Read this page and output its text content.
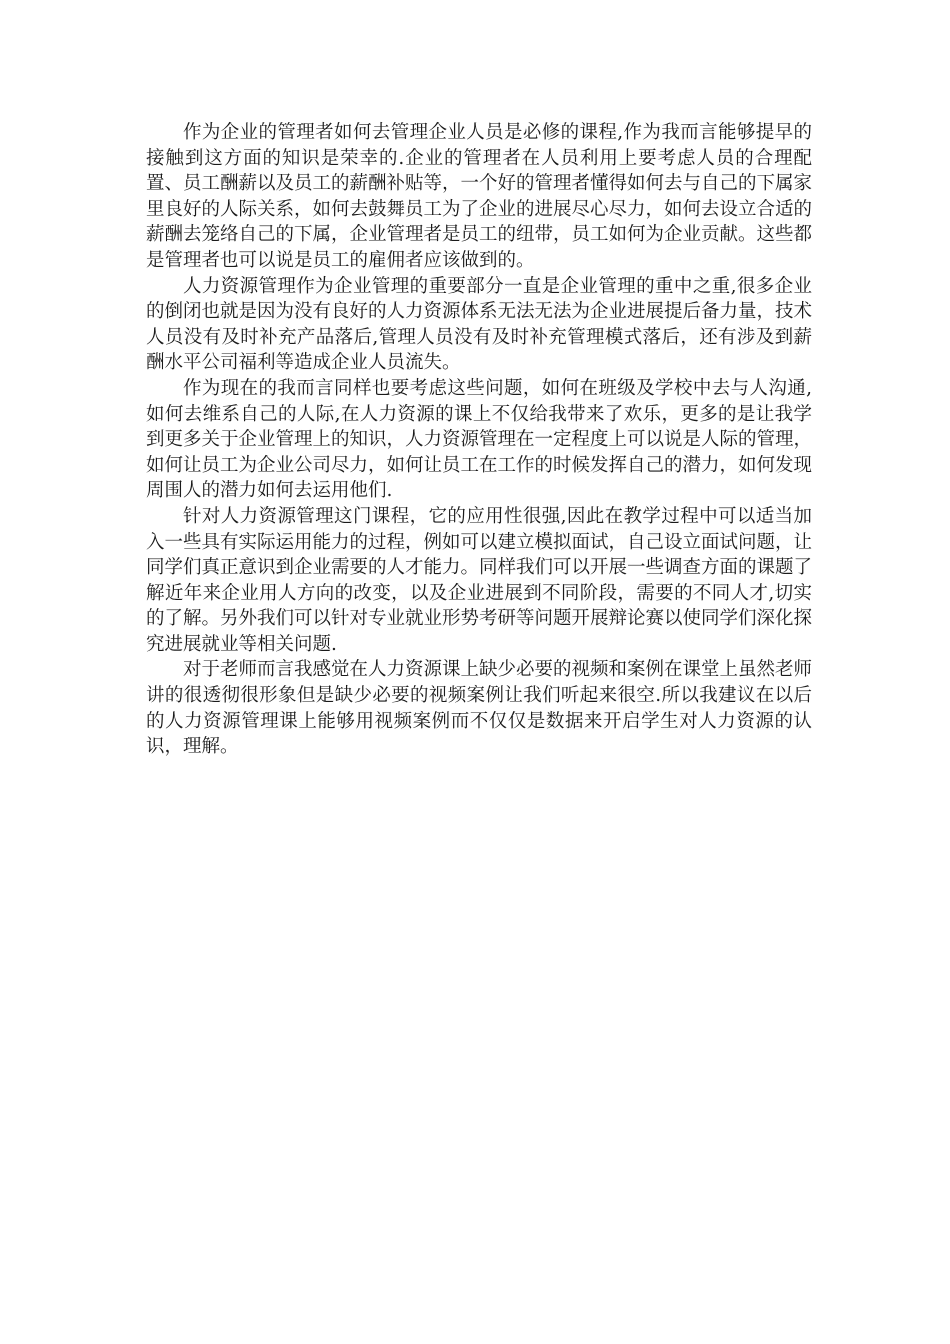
作为企业的管理者如何去管理企业人员是必修的课程,作为我而言能够提早的接触到这方面的知识是荣幸的.企业的管理者在人员利用上要考虑人员的合理配置、员工酬薪以及员工的薪酬补贴等，一个好的管理者懂得如何去与自己的下属家里良好的人际关系，如何去鼓舞员工为了企业的进展尽心尽力，如何去设立合适的薪酬去笼络自己的下属，企业管理者是员工的纽带，员工如何为企业贡献。这些都是管理者也可以说是员工的雇佣者应该做到的。

人力资源管理作为企业管理的重要部分一直是企业管理的重中之重,很多企业的倒闭也就是因为没有良好的人力资源体系无法无法为企业进展提后备力量，技术人员没有及时补充产品落后,管理人员没有及时补充管理模式落后，还有涉及到薪酬水平公司福利等造成企业人员流失。

作为现在的我而言同样也要考虑这些问题，如何在班级及学校中去与人沟通,如何去维系自己的人际,在人力资源的课上不仅给我带来了欢乐，更多的是让我学到更多关于企业管理上的知识，人力资源管理在一定程度上可以说是人际的管理，如何让员工为企业公司尽力，如何让员工在工作的时候发挥自己的潜力，如何发现周围人的潜力如何去运用他们.

针对人力资源管理这门课程，它的应用性很强,因此在教学过程中可以适当加入一些具有实际运用能力的过程，例如可以建立模拟面试，自己设立面试问题，让同学们真正意识到企业需要的人才能力。同样我们可以开展一些调查方面的课题了解近年来企业用人方向的改变，以及企业进展到不同阶段，需要的不同人才,切实的了解。另外我们可以针对专业就业形势考研等问题开展辩论赛以使同学们深化探究进展就业等相关问题.

对于老师而言我感觉在人力资源课上缺少必要的视频和案例在课堂上虽然老师讲的很透彻很形象但是缺少必要的视频案例让我们听起来很空.所以我建议在以后的人力资源管理课上能够用视频案例而不仅仅是数据来开启学生对人力资源的认识，理解。
